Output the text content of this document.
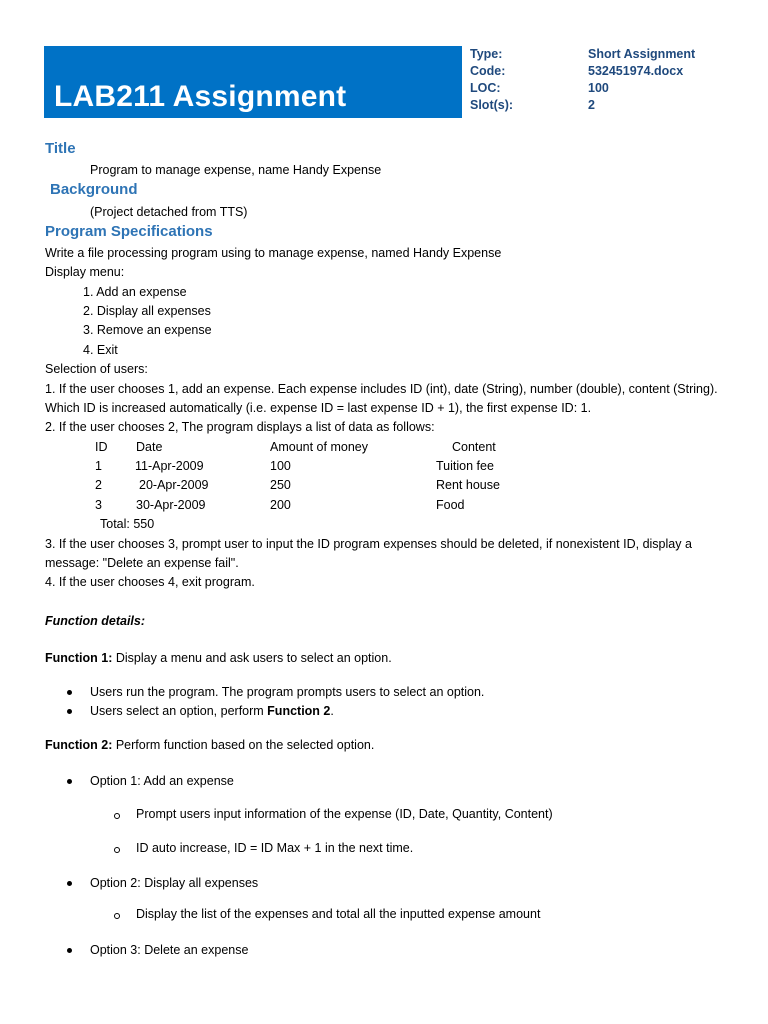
LAB211 Assignment
Type:	Short Assignment
Code:	532451974.docx
LOC:	100
Slot(s):	2
Title
Program to manage expense, name Handy Expense
Background
(Project detached from TTS)
Program Specifications
Write a file processing program using to manage expense, named Handy Expense
Display menu:
1. Add an expense
2. Display all expenses
3. Remove an expense
4. Exit
Selection of users:
1. If the user chooses 1, add an expense. Each expense includes ID (int), date (String), number (double), content (String).
Which ID is increased automatically (i.e. expense ID = last expense ID + 1), the first expense ID: 1.
2. If the user chooses 2, The program displays a list of data as follows:
ID Date	Amount of money	Content
1	11-Apr-2009	100	Tuition fee
2	20-Apr-2009	250	Rent house
3	30-Apr-2009	200	Food
Total: 550
3. If the user chooses 3, prompt user to input the ID program expenses should be deleted, if nonexistent ID, display a
message: "Delete an expense fail".
4. If the user chooses 4, exit program.
Function details:
Function 1: Display a menu and ask users to select an option.
Users run the program. The program prompts users to select an option.
Users select an option, perform Function 2.
Function 2: Perform function based on the selected option.
Option 1: Add an expense
Prompt users input information of the expense (ID, Date, Quantity, Content)
ID auto increase, ID = ID Max + 1 in the next time.
Option 2: Display all expenses
Display the list of the expenses and total all the inputted expense amount
Option 3: Delete an expense
